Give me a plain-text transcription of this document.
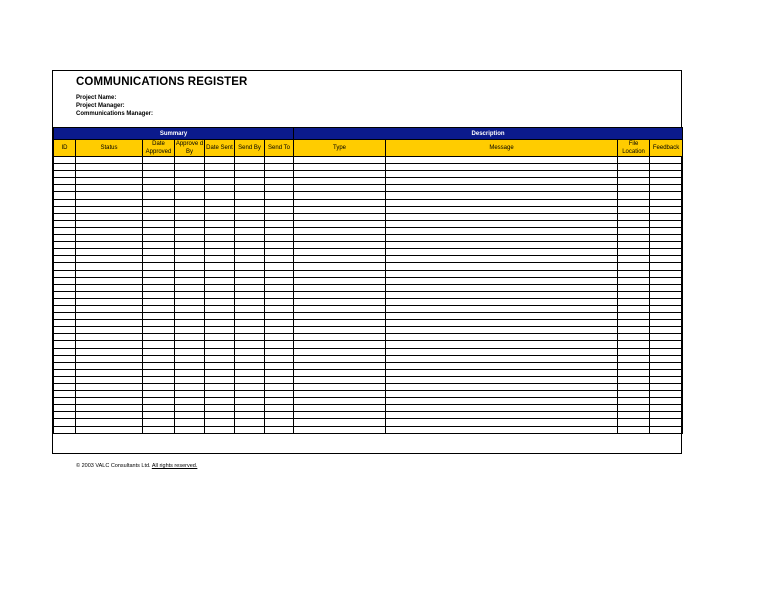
COMMUNICATIONS REGISTER
Project Name:
Project Manager:
Communications Manager:
Summary							Description			
ID	Status	Date Approved	Approve d By	Date Sent	Send By	Send To	Type	Message	File Location	Feedback

© 2003 VALC Consultants Ltd. All rights reserved.
